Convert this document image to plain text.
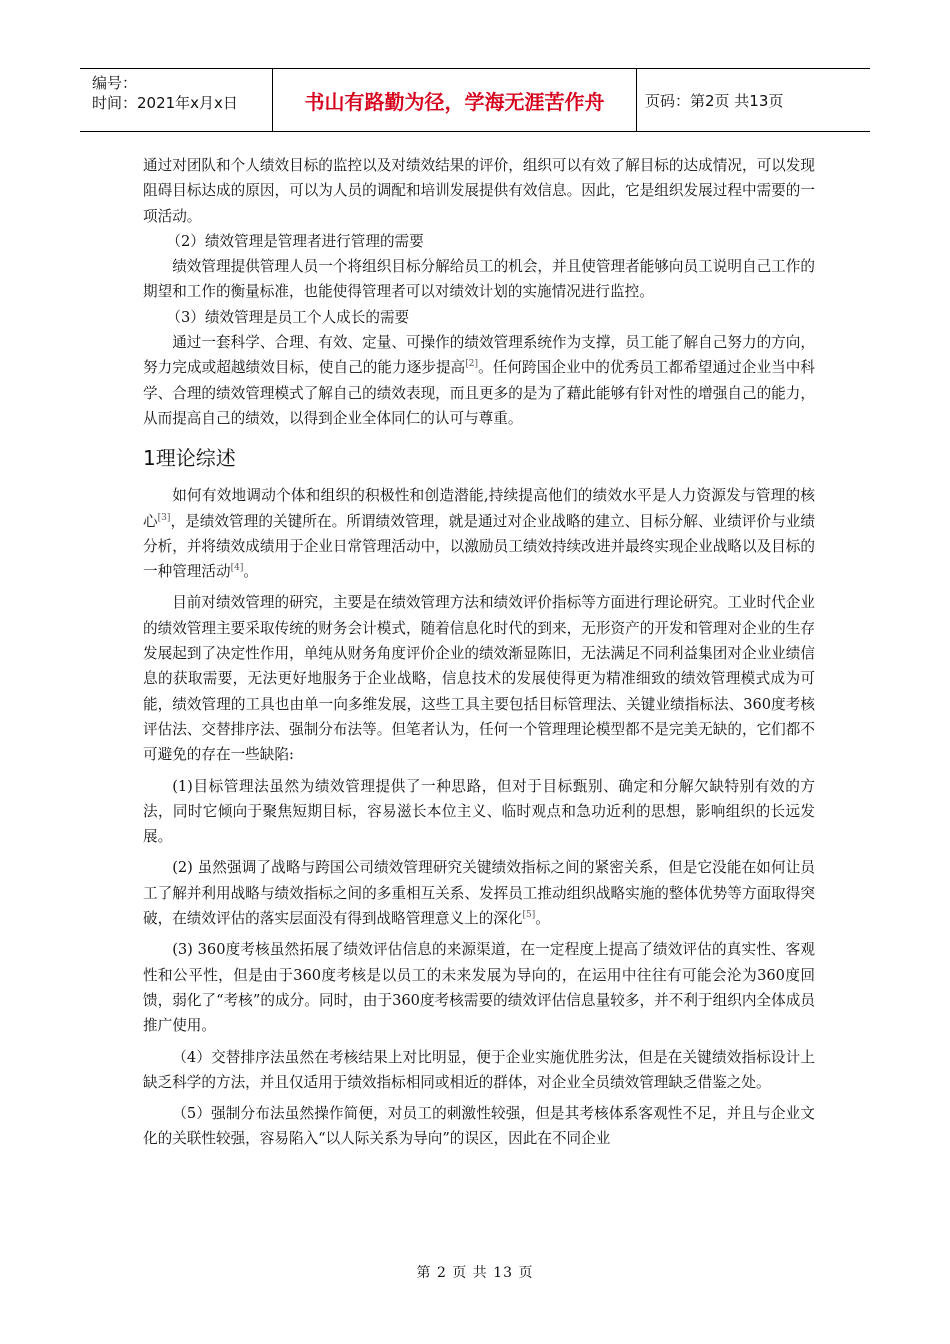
编号：
时间：2021年x月x日	书山有路勤为径，学海无涯苦作舟	页码：第2页 共13页

通过对团队和个人绩效目标的监控以及对绩效结果的评价，组织可以有效了解目标的达成情况，可以发现阻碍目标达成的原因，可以为人员的调配和培训发展提供有效信息。因此，它是组织发展过程中需要的一项活动。

（2）绩效管理是管理者进行管理的需要

绩效管理提供管理人员一个将组织目标分解给员工的机会，并且使管理者能够向员工说明自己工作的期望和工作的衡量标准，也能使得管理者可以对绩效计划的实施情况进行监控。

（3）绩效管理是员工个人成长的需要

通过一套科学、合理、有效、定量、可操作的绩效管理系统作为支撑，员工能了解自己努力的方向，努力完成或超越绩效目标，使自己的能力逐步提高[2]。任何跨国企业中的优秀员工都希望通过企业当中科学、合理的绩效管理模式了解自己的绩效表现，而且更多的是为了藉此能够有针对性的增强自己的能力，从而提高自己的绩效，以得到企业全体同仁的认可与尊重。

1理论综述

如何有效地调动个体和组织的积极性和创造潜能,持续提高他们的绩效水平是人力资源发与管理的核心[3]，是绩效管理的关键所在。所谓绩效管理，就是通过对企业战略的建立、目标分解、业绩评价与业绩分析，并将绩效成绩用于企业日常管理活动中，以激励员工绩效持续改进并最终实现企业战略以及目标的一种管理活动[4]。

目前对绩效管理的研究，主要是在绩效管理方法和绩效评价指标等方面进行理论研究。工业时代企业的绩效管理主要采取传统的财务会计模式，随着信息化时代的到来，无形资产的开发和管理对企业的生存发展起到了决定性作用，单纯从财务角度评价企业的绩效渐显陈旧，无法满足不同利益集团对企业业绩信息的获取需要，无法更好地服务于企业战略，信息技术的发展使得更为精准细致的绩效管理模式成为可能，绩效管理的工具也由单一向多维发展，这些工具主要包括目标管理法、关键业绩指标法、360度考核评估法、交替排序法、强制分布法等。但笔者认为，任何一个管理理论模型都不是完美无缺的，它们都不可避免的存在一些缺陷:

(1)目标管理法虽然为绩效管理提供了一种思路，但对于目标甄别、确定和分解欠缺特别有效的方法，同时它倾向于聚焦短期目标，容易滋长本位主义、临时观点和急功近利的思想，影响组织的长远发展。

(2) 虽然强调了战略与跨国公司绩效管理研究关键绩效指标之间的紧密关系，但是它没能在如何让员工了解并利用战略与绩效指标之间的多重相互关系、发挥员工推动组织战略实施的整体优势等方面取得突破，在绩效评估的落实层面没有得到战略管理意义上的深化[5]。

(3) 360度考核虽然拓展了绩效评估信息的来源渠道，在一定程度上提高了绩效评估的真实性、客观性和公平性，但是由于360度考核是以员工的未来发展为导向的，在运用中往往有可能会沦为360度回馈，弱化了“考核”的成分。同时，由于360度考核需要的绩效评估信息量较多，并不利于组织内全体成员推广使用。

（4）交替排序法虽然在考核结果上对比明显，便于企业实施优胜劣汰，但是在关键绩效指标设计上缺乏科学的方法，并且仅适用于绩效指标相同或相近的群体，对企业全员绩效管理缺乏借鉴之处。

（5）强制分布法虽然操作简便，对员工的刺激性较强，但是其考核体系客观性不足，并且与企业文化的关联性较强，容易陷入“以人际关系为导向”的误区，因此在不同企业

第 2 页 共 13 页
